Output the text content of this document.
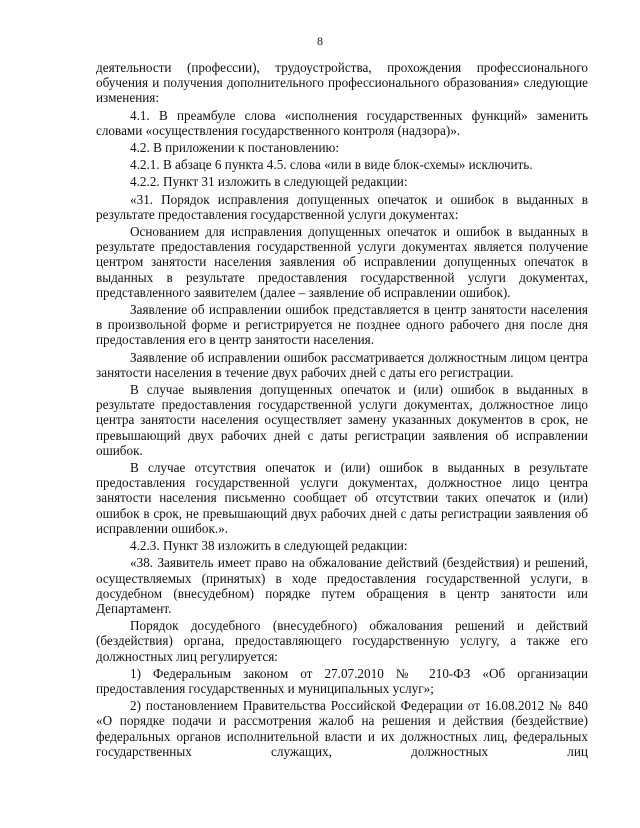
8

деятельности (профессии), трудоустройства, прохождения профессионального обучения и получения дополнительного профессионального образования» следующие изменения:

4.1. В преамбуле слова «исполнения государственных функций» заменить словами «осуществления государственного контроля (надзора)».

4.2. В приложении к постановлению:

4.2.1. В абзаце 6 пункта 4.5. слова «или в виде блок-схемы» исключить.

4.2.2. Пункт 31 изложить в следующей редакции:

«31. Порядок исправления допущенных опечаток и ошибок в выданных в результате предоставления государственной услуги документах:

Основанием для исправления допущенных опечаток и ошибок в выданных в результате предоставления государственной услуги документах является получение центром занятости населения заявления об исправлении допущенных опечаток в выданных в результате предоставления государственной услуги документах, представленного заявителем (далее – заявление об исправлении ошибок).

Заявление об исправлении ошибок представляется в центр занятости населения в произвольной форме и регистрируется не позднее одного рабочего дня после дня предоставления его в центр занятости населения.

Заявление об исправлении ошибок рассматривается должностным лицом центра занятости населения в течение двух рабочих дней с даты его регистрации.

В случае выявления допущенных опечаток и (или) ошибок в выданных в результате предоставления государственной услуги документах, должностное лицо центра занятости населения осуществляет замену указанных документов в срок, не превышающий двух рабочих дней с даты регистрации заявления об исправлении ошибок.

В случае отсутствия опечаток и (или) ошибок в выданных в результате предоставления государственной услуги документах, должностное лицо центра занятости населения письменно сообщает об отсутствии таких опечаток и (или) ошибок в срок, не превышающий двух рабочих дней с даты регистрации заявления об исправлении ошибок.».

4.2.3. Пункт 38 изложить в следующей редакции:

«38. Заявитель имеет право на обжалование действий (бездействия) и решений, осуществляемых (принятых) в ходе предоставления государственной услуги, в досудебном (внесудебном) порядке путем обращения в центр занятости или Департамент.

Порядок досудебного (внесудебного) обжалования решений и действий (бездействия) органа, предоставляющего государственную услугу, а также его должностных лиц регулируется:

1) Федеральным законом от 27.07.2010 № 210-ФЗ «Об организации предоставления государственных и муниципальных услуг»;

2) постановлением Правительства Российской Федерации от 16.08.2012 № 840 «О порядке подачи и рассмотрения жалоб на решения и действия (бездействие) федеральных органов исполнительной власти и их должностных лиц, федеральных государственных служащих, должностных лиц
